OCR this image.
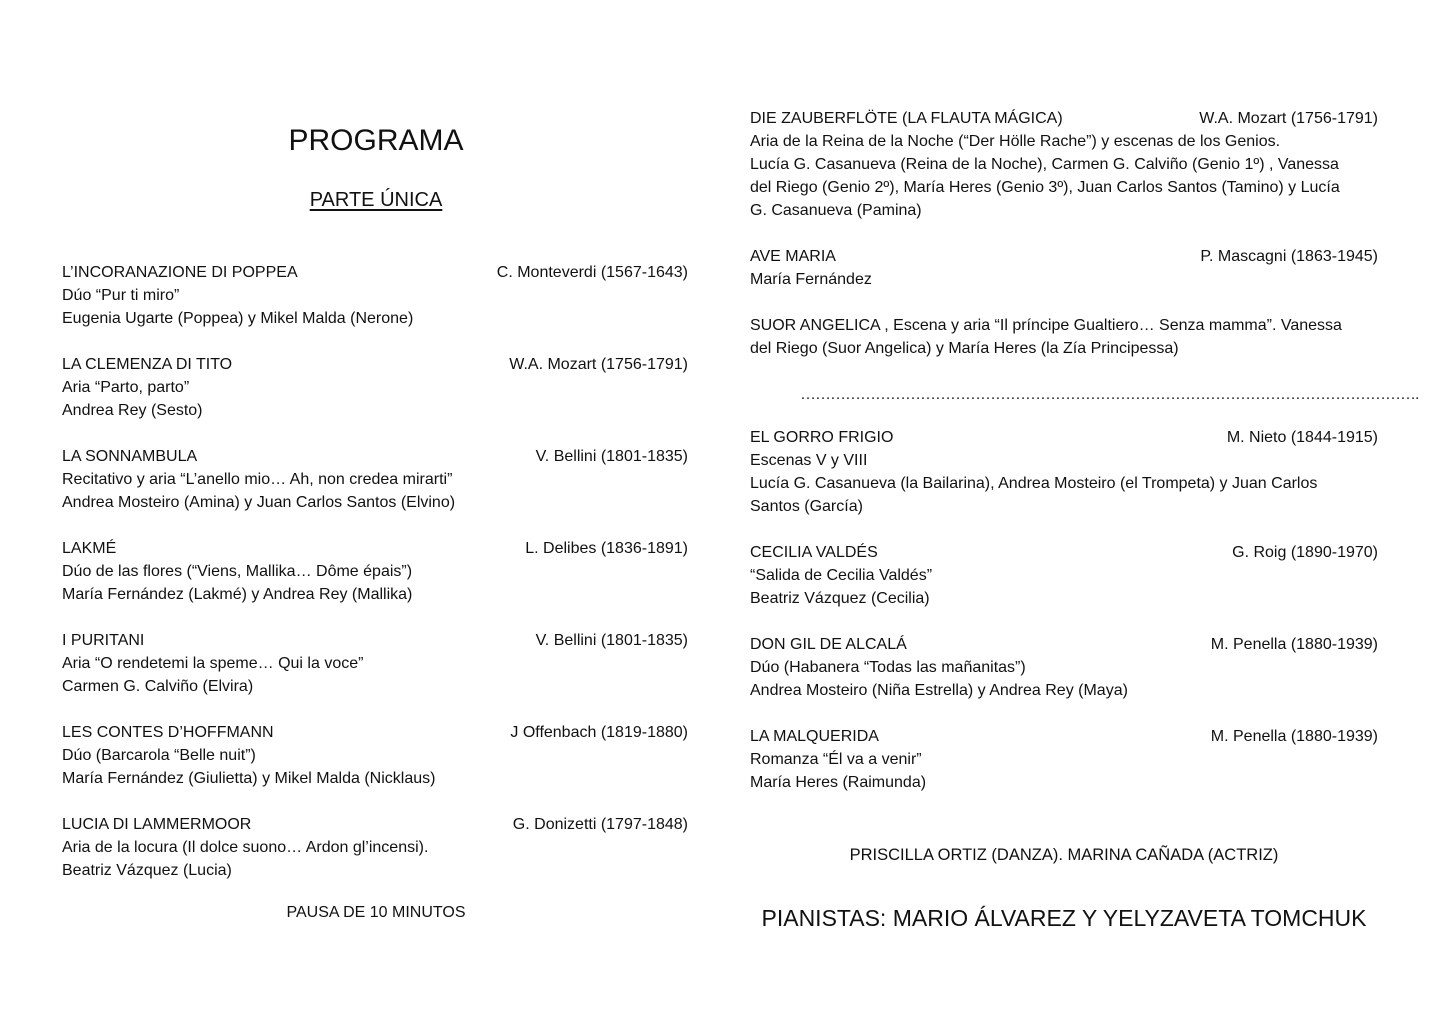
PROGRAMA
PARTE ÚNICA
L’INCORANAZIONE DI POPPEA	C. Monteverdi (1567-1643)
Dúo “Pur ti miro”
Eugenia Ugarte (Poppea) y Mikel Malda (Nerone)
LA CLEMENZA DI TITO	W.A. Mozart (1756-1791)
Aria “Parto, parto”
Andrea Rey (Sesto)
LA SONNAMBULA	V. Bellini (1801-1835)
Recitativo y aria “L’anello mio… Ah, non credea mirarti”
Andrea Mosteiro (Amina) y Juan Carlos Santos (Elvino)
LAKMÉ	L. Delibes (1836-1891)
Dúo de las flores (“Viens, Mallika… Dôme épais”)
María Fernández (Lakmé) y Andrea Rey (Mallika)
I PURITANI	V. Bellini (1801-1835)
Aria “O rendetemi la speme… Qui la voce”
Carmen G. Calviño (Elvira)
LES CONTES D’HOFFMANN	J Offenbach (1819-1880)
Dúo (Barcarola “Belle nuit”)
María Fernández (Giulietta) y Mikel Malda (Nicklaus)
LUCIA DI LAMMERMOOR	G. Donizetti (1797-1848)
Aria de la locura (Il dolce suono… Ardon gl’incensi).
Beatriz Vázquez (Lucia)
PAUSA DE 10 MINUTOS
DIE ZAUBERFLÖTE (LA FLAUTA MÁGICA)	W.A. Mozart (1756-1791)
Aria de la Reina de la Noche (“Der Hölle Rache”) y escenas de los Genios.
Lucía G. Casanueva (Reina de la Noche), Carmen G. Calviño (Genio 1º) , Vanessa
del Riego (Genio 2º), María Heres (Genio 3º), Juan Carlos Santos (Tamino) y Lucía
G. Casanueva (Pamina)
AVE MARIA	P. Mascagni (1863-1945)
María Fernández
SUOR ANGELICA , Escena y aria “Il príncipe Gualtiero… Senza mamma”. Vanessa
del Riego (Suor Angelica) y María Heres (la Zía Principessa)
…………………………………………………………………………………………………………….
EL GORRO FRIGIO	M. Nieto (1844-1915)
Escenas V y VIII
Lucía G. Casanueva (la Bailarina), Andrea Mosteiro (el Trompeta) y Juan Carlos
Santos (García)
CECILIA VALDÉS	G. Roig (1890-1970)
“Salida de Cecilia Valdés”
Beatriz Vázquez (Cecilia)
DON GIL DE ALCALÁ	M. Penella (1880-1939)
Dúo (Habanera “Todas las mañanitas”)
Andrea Mosteiro (Niña Estrella) y Andrea Rey (Maya)
LA MALQUERIDA	M. Penella (1880-1939)
Romanza “Él va a venir”
María Heres (Raimunda)
PRISCILLA ORTIZ (DANZA). MARINA CAÑADA (ACTRIZ)
PIANISTAS: MARIO ÁLVAREZ Y YELYZAVETA TOMCHUK
